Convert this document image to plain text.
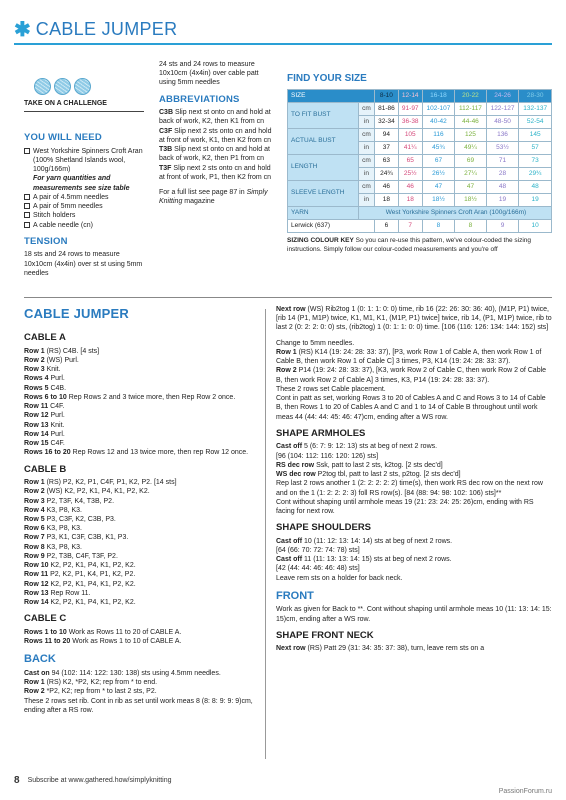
✱ CABLE JUMPER
TAKE ON A CHALLENGE
YOU WILL NEED
West Yorkshire Spinners Croft Aran (100% Shetland Islands wool, 100g/166m)
For yarn quantities and measurements see size table
A pair of 4.5mm needles
A pair of 5mm needles
Stitch holders
A cable needle (cn)
TENSION
18 sts and 24 rows to measure 10x10cm (4x4in) over st st using 5mm needles
24 sts and 24 rows to measure 10x10cm (4x4in) over cable patt using 5mm needles
ABBREVIATIONS

C3B Slip next st onto cn and hold at back of work, K2, then K1 from cn

C3F Slip next 2 sts onto cn and hold at front of work, K1, then K2 from cn

T3B Slip next st onto cn and hold at back of work, K2, then P1 from cn

T3F Slip next 2 sts onto cn and hold at front of work, P1, then K2 from cn

For a full list see page 87 in Simply Knitting magazine
FIND YOUR SIZE
SIZE		8-10	12-14	16-18	20-22	24-26	28-30
TO FIT BUST	cm	81-86	91-97	102-107	112-117	122-127	132-137
	in	32-34	36-38	40-42	44-46	48-50	52-54
ACTUAL BUST	cm	94	105	116	125	136	145
	in	37	41¼	45¾	49¼	53½	57
LENGTH	cm	63	65	67	69	71	73
	in	24¾	25½	26½	27¼	28	29¾
SLEEVE LENGTH	cm	46	46	47	47	48	48
	in	18	18	18½	18½	19	19
YARN	West Yorkshire Spinners Croft Aran (100g/166m)						
Lerwick (637)		6	7	8	8	9	10
SIZING COLOUR KEY So you can re-use this pattern, we've colour-coded the sizing instructions. Simply follow our colour-coded measurements and you're off
CABLE JUMPER
CABLE A
Row 1 (RS) C4B. [4 sts]
Row 2 (WS) Purl.
Row 3 Knit.
Rows 4 Purl.
Rows 5 C4B.
Rows 6 to 10 Rep Rows 2 and 3 twice more, then Rep Row 2 once.
Row 11 C4F.
Row 12 Purl.
Row 13 Knit.
Row 14 Purl.
Row 15 C4F.
Rows 16 to 20 Rep Rows 12 and 13 twice more, then rep Row 12 once.
CABLE B
Row 1 (RS) P2, K2, P1, C4F, P1, K2, P2. [14 sts]
Row 2 (WS) K2, P2, K1, P4, K1, P2, K2.
Row 3 P2, T3F, K4, T3B, P2.
Row 4 K3, P8, K3.
Row 5 P3, C3F, K2, C3B, P3.
Row 6 K3, P8, K3.
Row 7 P3, K1, C3F, C3B, K1, P3.
Row 8 K3, P8, K3.
Row 9 P2, T3B, C4F, T3F, P2.
Row 10 K2, P2, K1, P4, K1, P2, K2.
Row 11 P2, K2, P1, K4, P1, K2, P2.
Row 12 K2, P2, K1, P4, K1, P2, K2.
Row 13 Rep Row 11.
Row 14 K2, P2, K1, P4, K1, P2, K2.
CABLE C
Rows 1 to 10 Work as Rows 11 to 20 of CABLE A.
Rows 11 to 20 Work as Rows 1 to 10 of CABLE A.
BACK
Cast on 94 (102: 114: 122: 130: 138) sts using 4.5mm needles.
Row 1 (RS) K2, *P2, K2; rep from * to end.
Row 2 *P2, K2; rep from * to last 2 sts, P2.
These 2 rows set rib. Cont in rib as set until work meas 8 (8: 8: 9: 9: 9)cm, ending after a RS row.
Next row (WS) Rib2tog 1 (0: 1: 1: 0: 0) time, rib 16 (22: 26: 30: 36: 40), (M1P, P1) twice, [rib 14 (P1, M1P) twice, K1, M1, K1, (M1P, P1) twice] twice, rib 14, (P1, M1P) twice, rib to last 2 (0: 2: 2: 0: 0) sts, (rib2tog) 1 (0: 1: 1: 0: 0) time. [106 (116: 126: 134: 144: 152) sts]
Change to 5mm needles.
Row 1 (RS) K14 (19: 24: 28: 33: 37), [P3, work Row 1 of Cable A, then work Row 1 of Cable B, then work Row 1 of Cable C] 3 times, P3, K14 (19: 24: 28: 33: 37).
Row 2 P14 (19: 24: 28: 33: 37), [K3, work Row 2 of Cable C, then work Row 2 of Cable B, then work Row 2 of Cable A] 3 times, K3, P14 (19: 24: 28: 33: 37).
These 2 rows set Cable placement.
Cont in patt as set, working Rows 3 to 20 of Cables A and C and Rows 3 to 14 of Cable B, then Rows 1 to 20 of Cables A and C and 1 to 14 of Cable B throughout until work meas 44 (44: 44: 45: 46: 47)cm, ending after a WS row.
SHAPE ARMHOLES
Cast off 5 (6: 7: 9: 12: 13) sts at beg of next 2 rows.
[96 (104: 112: 116: 120: 126) sts]
RS dec row Ssk, patt to last 2 sts, k2tog. [2 sts dec'd]
WS dec row P2tog tbl, patt to last 2 sts, p2tog. [2 sts dec'd]
Rep last 2 rows another 1 (2: 2: 2: 2: 2) time(s), then work RS dec row on the next row and on the 1 (1: 2: 2: 2: 3) foll RS row(s). [84 (88: 94: 98: 102: 106) sts]**
Cont without shaping until armhole meas 19 (21: 23: 24: 25: 26)cm, ending with RS facing for next row.
SHAPE SHOULDERS
Cast off 10 (11: 12: 13: 14: 14) sts at beg of next 2 rows.
[64 (66: 70: 72: 74: 78) sts]
Cast off 11 (11: 13: 13: 14: 15) sts at beg of next 2 rows.
[42 (44: 44: 46: 46: 48) sts]
Leave rem sts on a holder for back neck.
FRONT
Work as given for Back to **. Cont without shaping until armhole meas 10 (11: 13: 14: 15: 15)cm, ending after a WS row.
SHAPE FRONT NECK
Next row (RS) Patt 29 (31: 34: 35: 37: 38), turn, leave rem sts on a
8 Subscribe at www.gathered.how/simplyknitting
PassionForum.ru
